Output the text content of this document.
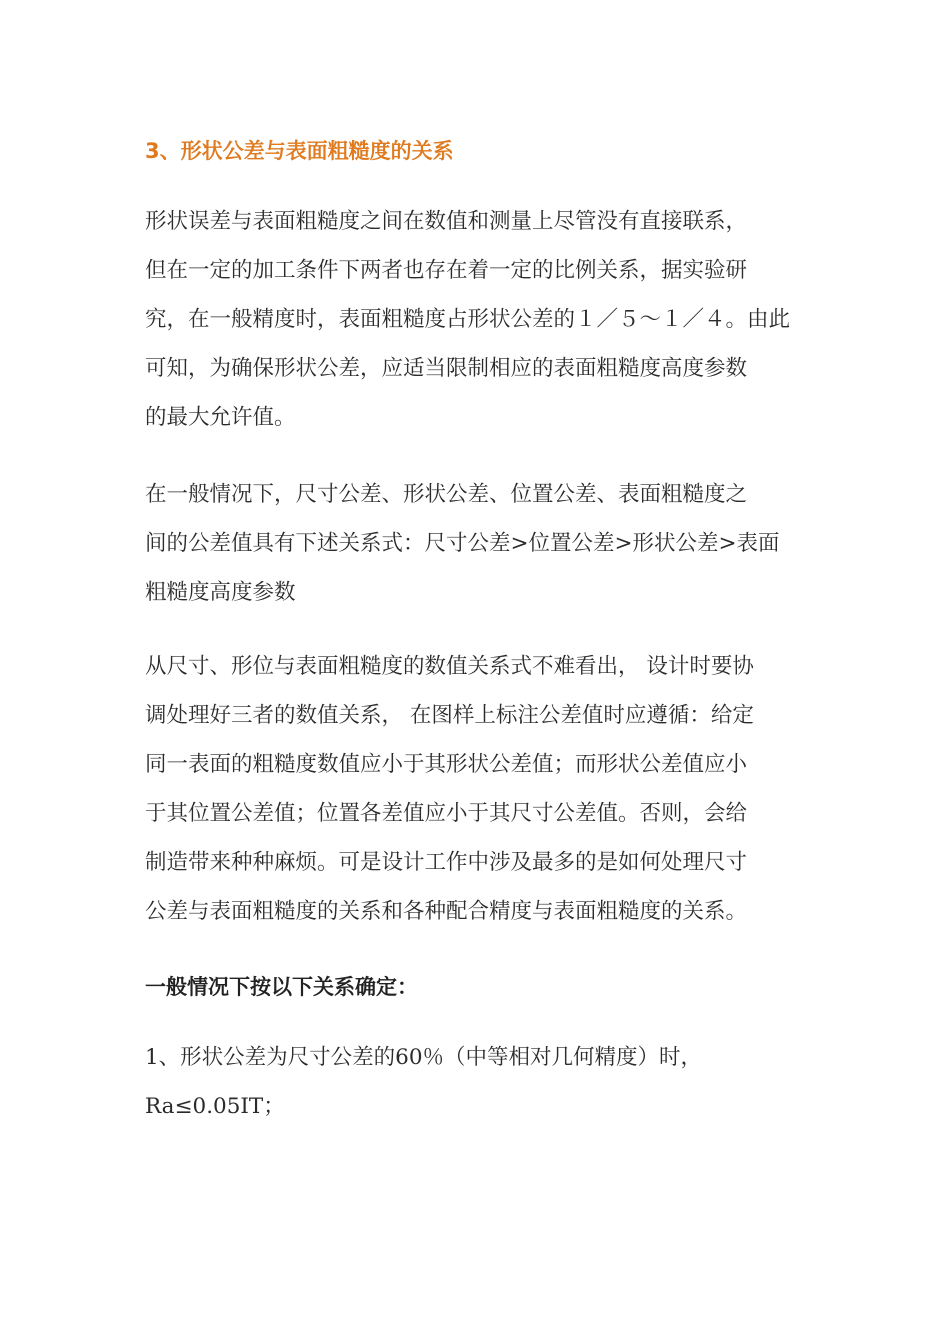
3、形状公差与表面粗糙度的关系
形状误差与表面粗糙度之间在数值和测量上尽管没有直接联系，
但在一定的加工条件下两者也存在着一定的比例关系，据实验研
究，在一般精度时，表面粗糙度占形状公差的１／５～１／４。由此
可知，为确保形状公差，应适当限制相应的表面粗糙度高度参数
的最大允许值。
在一般情况下，尺寸公差、形状公差、位置公差、表面粗糙度之
间的公差值具有下述关系式：尺寸公差>位置公差>形状公差>表面
粗糙度高度参数
从尺寸、形位与表面粗糙度的数值关系式不难看出， 设计时要协
调处理好三者的数值关系， 在图样上标注公差值时应遵循：给定
同一表面的粗糙度数值应小于其形状公差值；而形状公差值应小
于其位置公差值；位置各差值应小于其尺寸公差值。否则，会给
制造带来种种麻烦。可是设计工作中涉及最多的是如何处理尺寸
公差与表面粗糙度的关系和各种配合精度与表面粗糙度的关系。
一般情况下按以下关系确定：
1、形状公差为尺寸公差的60％（中等相对几何精度）时，
Ra≤0.05IT；
